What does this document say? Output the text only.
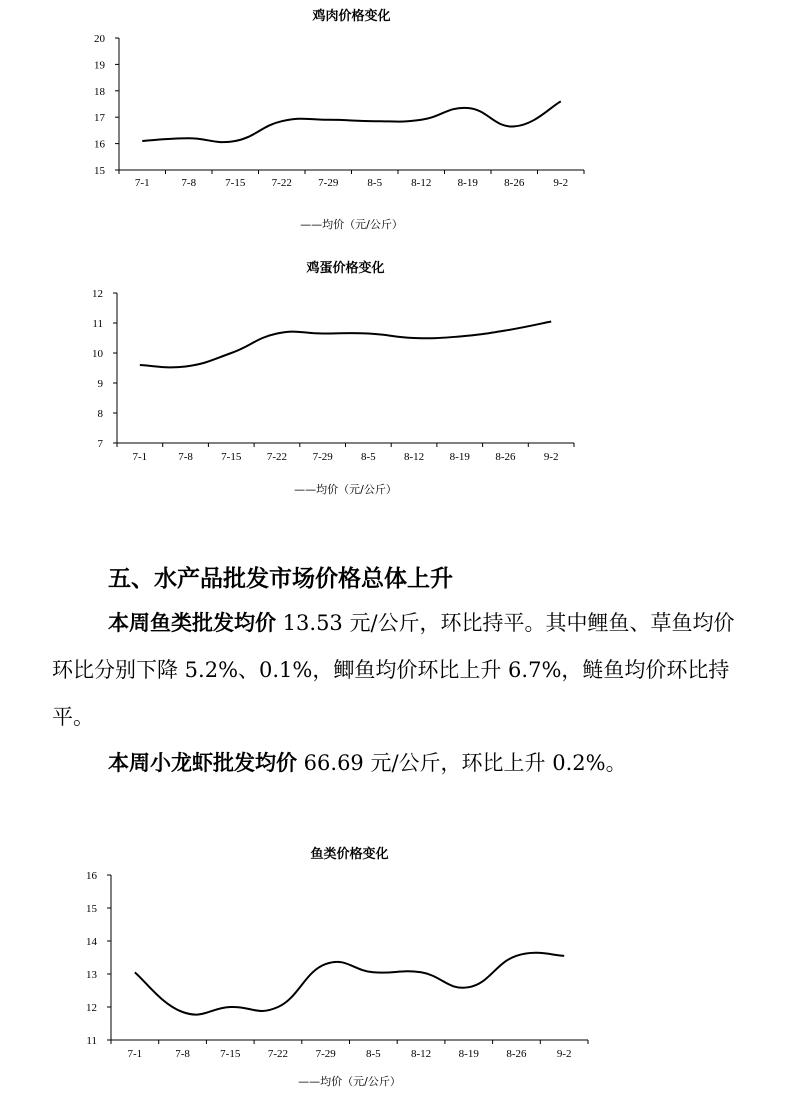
鸡肉价格变化
15
16
17
18
19
20
7-1	7-8	7-15 7-22 7-29	8-5	8-12 8-19 8-26	9-2
——均价（元/公斤）
鸡蛋价格变化
7
8
9
10
11
12
7-1	7-8	7-15 7-22 7-29	8-5	8-12 8-19 8-26	9-2
——均价（元/公斤）
五、水产品批发市场价格总体上升
本周鱼类批发均价 13.53 元/公斤，环比持平。其中鲤鱼、草鱼均价环比分别下降 5.2%、0.1%，鲫鱼均价环比上升 6.7%，鲢鱼均价环比持平。
本周小龙虾批发均价 66.69 元/公斤，环比上升 0.2%。
鱼类价格变化
11
12
13
14
15
16
7-1	7-8	7-15	7-22	7-29	8-5	8-12	8-19	8-26	9-2
——均价（元/公斤）
